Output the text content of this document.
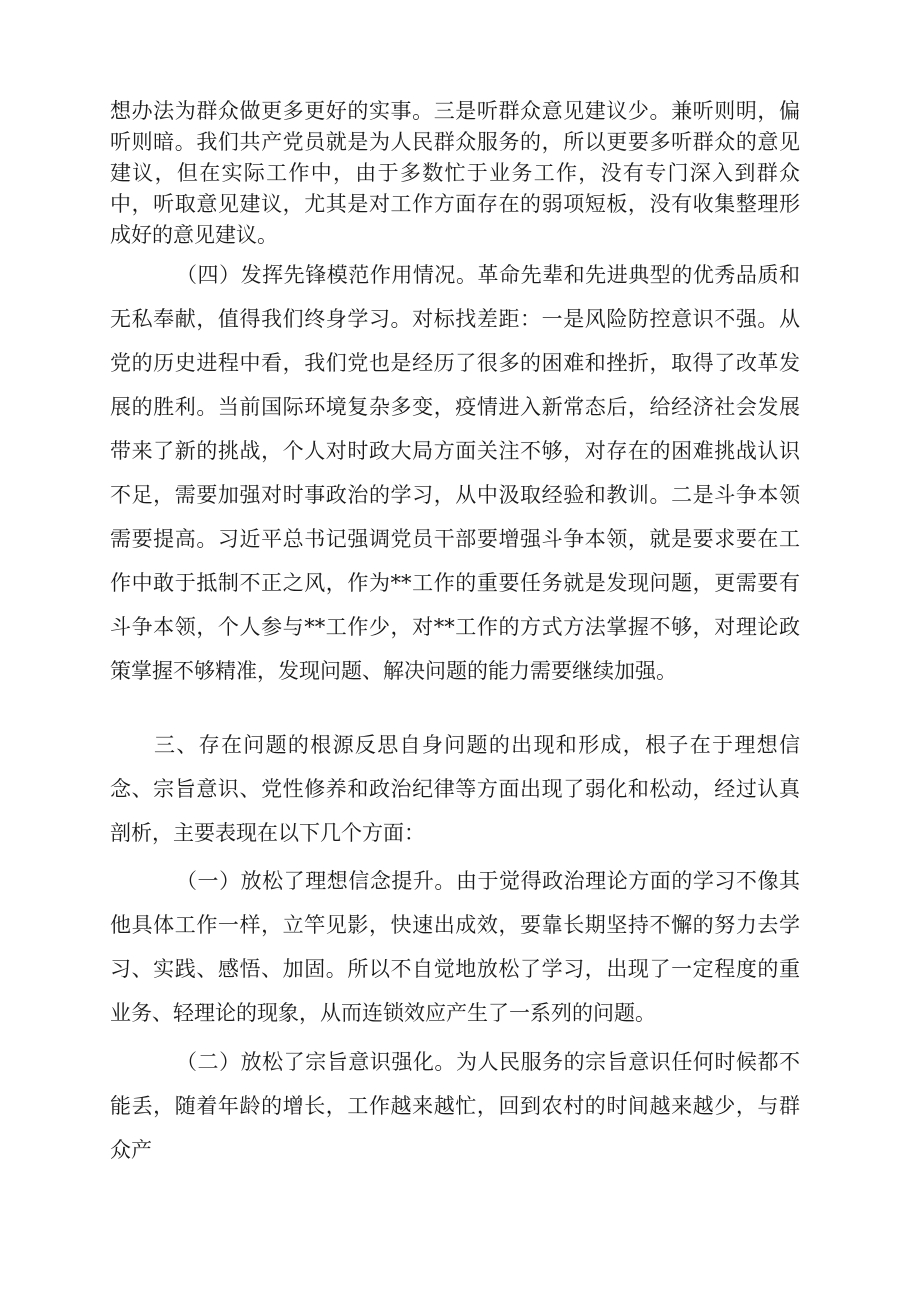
想办法为群众做更多更好的实事。三是听群众意见建议少。兼听则明，偏听则暗。我们共产党员就是为人民群众服务的，所以更要多听群众的意见建议，但在实际工作中，由于多数忙于业务工作，没有专门深入到群众中，听取意见建议，尤其是对工作方面存在的弱项短板，没有收集整理形成好的意见建议。

（四）发挥先锋模范作用情况。革命先辈和先进典型的优秀品质和无私奉献，值得我们终身学习。对标找差距：一是风险防控意识不强。从党的历史进程中看，我们党也是经历了很多的困难和挫折，取得了改革发展的胜利。当前国际环境复杂多变，疫情进入新常态后，给经济社会发展带来了新的挑战，个人对时政大局方面关注不够，对存在的困难挑战认识不足，需要加强对时事政治的学习，从中汲取经验和教训。二是斗争本领需要提高。习近平总书记强调党员干部要增强斗争本领，就是要求要在工作中敢于抵制不正之风，作为**工作的重要任务就是发现问题，更需要有斗争本领，个人参与**工作少，对**工作的方式方法掌握不够，对理论政策掌握不够精准，发现问题、解决问题的能力需要继续加强。

三、存在问题的根源反思自身问题的出现和形成，根子在于理想信念、宗旨意识、党性修养和政治纪律等方面出现了弱化和松动，经过认真剖析，主要表现在以下几个方面：

（一）放松了理想信念提升。由于觉得政治理论方面的学习不像其他具体工作一样，立竿见影，快速出成效，要靠长期坚持不懈的努力去学习、实践、感悟、加固。所以不自觉地放松了学习，出现了一定程度的重业务、轻理论的现象，从而连锁效应产生了一系列的问题。

（二）放松了宗旨意识强化。为人民服务的宗旨意识任何时候都不能丢，随着年龄的增长，工作越来越忙，回到农村的时间越来越少，与群众产
